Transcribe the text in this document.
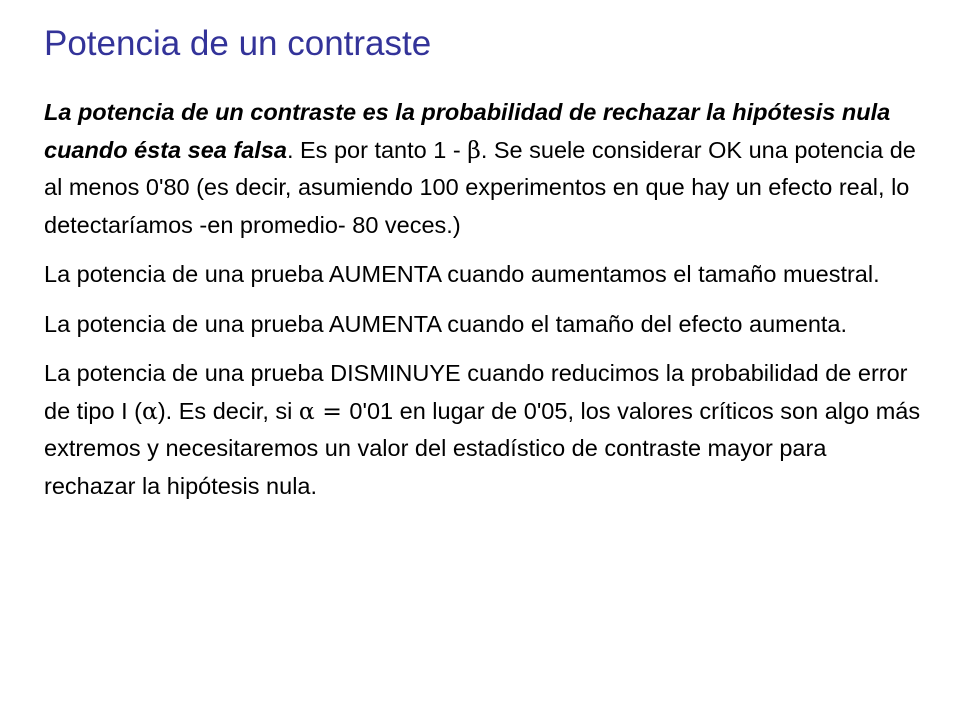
Potencia de un contraste

La potencia de un contraste es la probabilidad de rechazar la hipótesis nula cuando ésta sea falsa. Es por tanto 1 - β. Se suele considerar OK una potencia de al menos 0'80 (es decir, asumiendo 100 experimentos en que hay un efecto real, lo detectaríamos -en promedio- 80 veces.)

La potencia de una prueba AUMENTA cuando aumentamos el tamaño muestral.

La potencia de una prueba AUMENTA cuando el tamaño del efecto aumenta.

La potencia de una prueba DISMINUYE cuando reducimos la probabilidad de error de tipo I (α). Es decir, si α = 0'01 en lugar de 0'05, los valores críticos son algo más extremos y necesitaremos un valor del estadístico de contraste mayor para rechazar la hipótesis nula.
